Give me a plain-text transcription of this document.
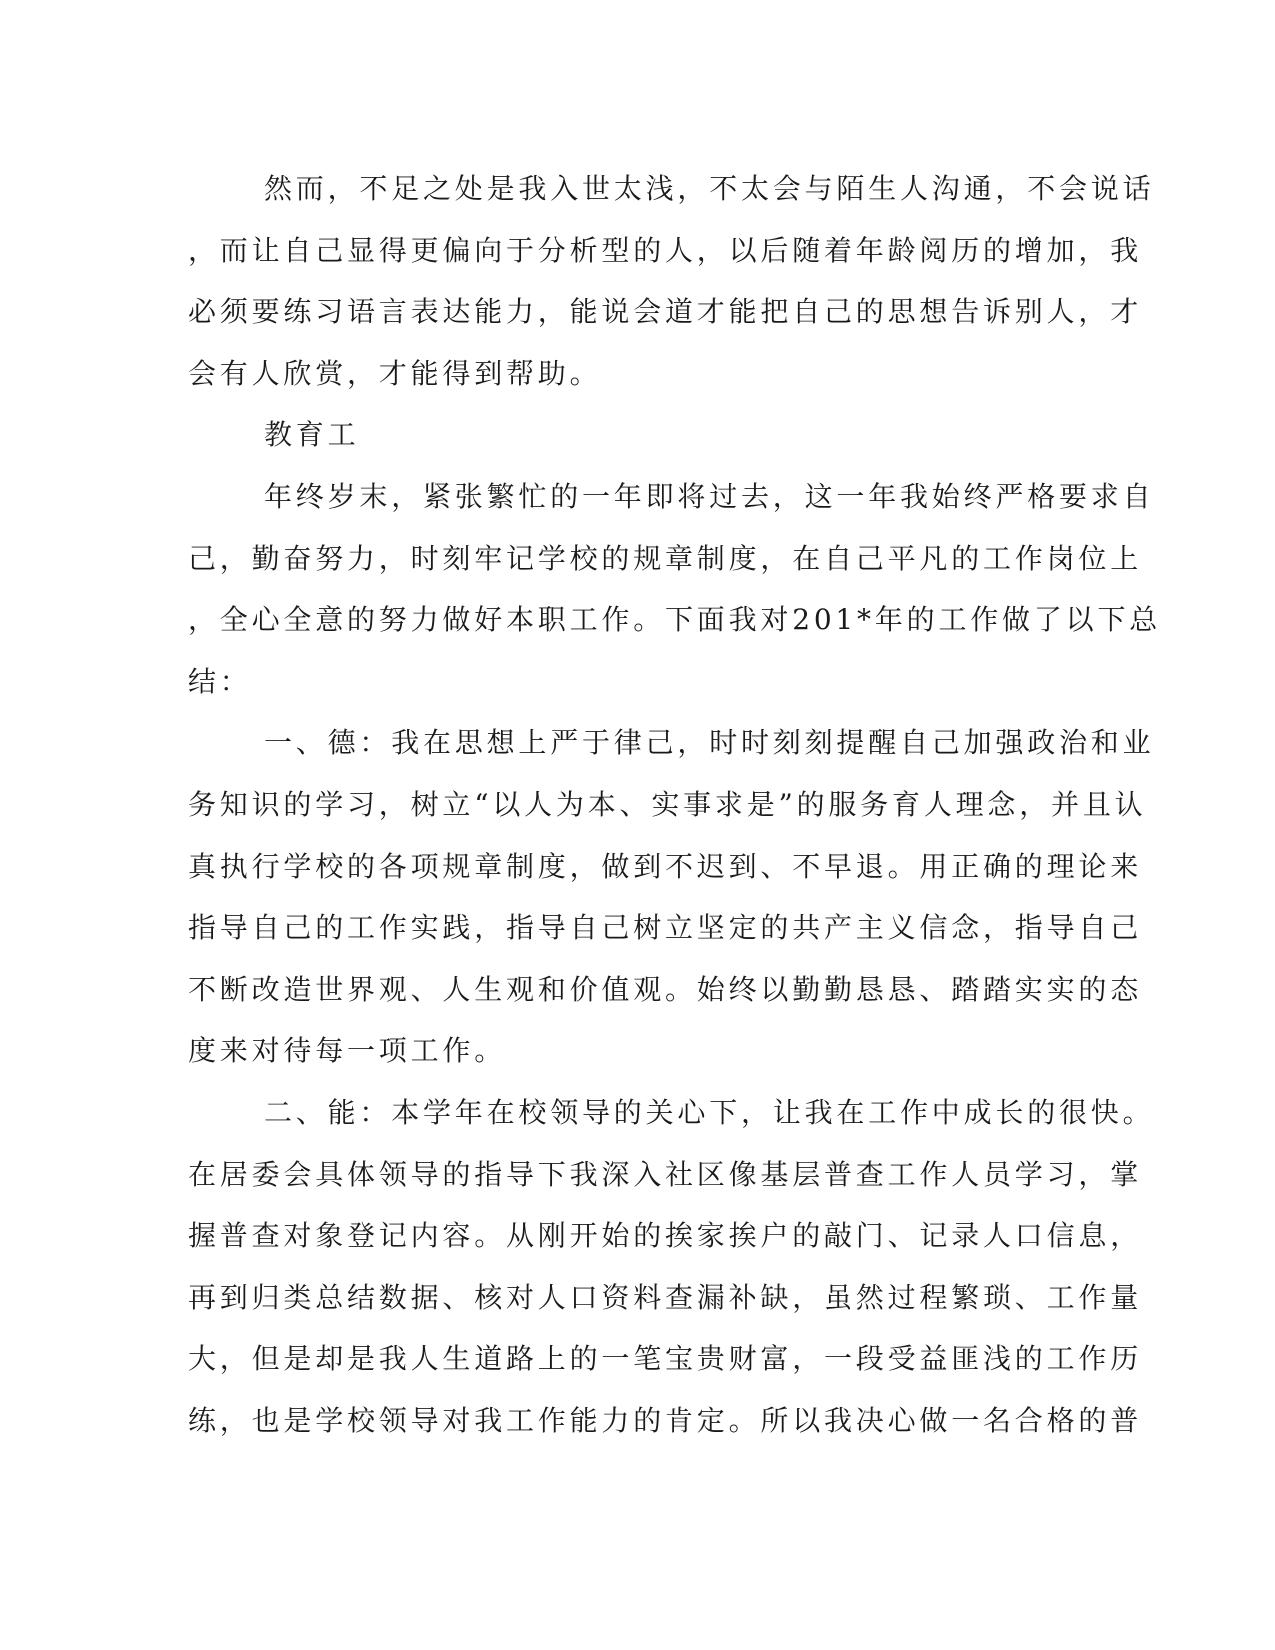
然而，不足之处是我入世太浅，不太会与陌生人沟通，不会说话
，而让自己显得更偏向于分析型的人，以后随着年龄阅历的增加，我
必须要练习语言表达能力，能说会道才能把自己的思想告诉别人，才
会有人欣赏，才能得到帮助。
教育工
年终岁末，紧张繁忙的一年即将过去，这一年我始终严格要求自
己，勤奋努力，时刻牢记学校的规章制度，在自己平凡的工作岗位上
，全心全意的努力做好本职工作。下面我对201*年的工作做了以下总
结：
一、德：我在思想上严于律己，时时刻刻提醒自己加强政治和业
务知识的学习，树立“以人为本、实事求是”的服务育人理念，并且认
真执行学校的各项规章制度，做到不迟到、不早退。用正确的理论来
指导自己的工作实践，指导自己树立坚定的共产主义信念，指导自己
不断改造世界观、人生观和价值观。始终以勤勤恳恳、踏踏实实的态
度来对待每一项工作。
二、能：本学年在校领导的关心下，让我在工作中成长的很快。
在居委会具体领导的指导下我深入社区像基层普查工作人员学习，掌
握普查对象登记内容。从刚开始的挨家挨户的敲门、记录人口信息，
再到归类总结数据、核对人口资料查漏补缺，虽然过程繁琐、工作量
大，但是却是我人生道路上的一笔宝贵财富，一段受益匪浅的工作历
练，也是学校领导对我工作能力的肯定。所以我决心做一名合格的普
